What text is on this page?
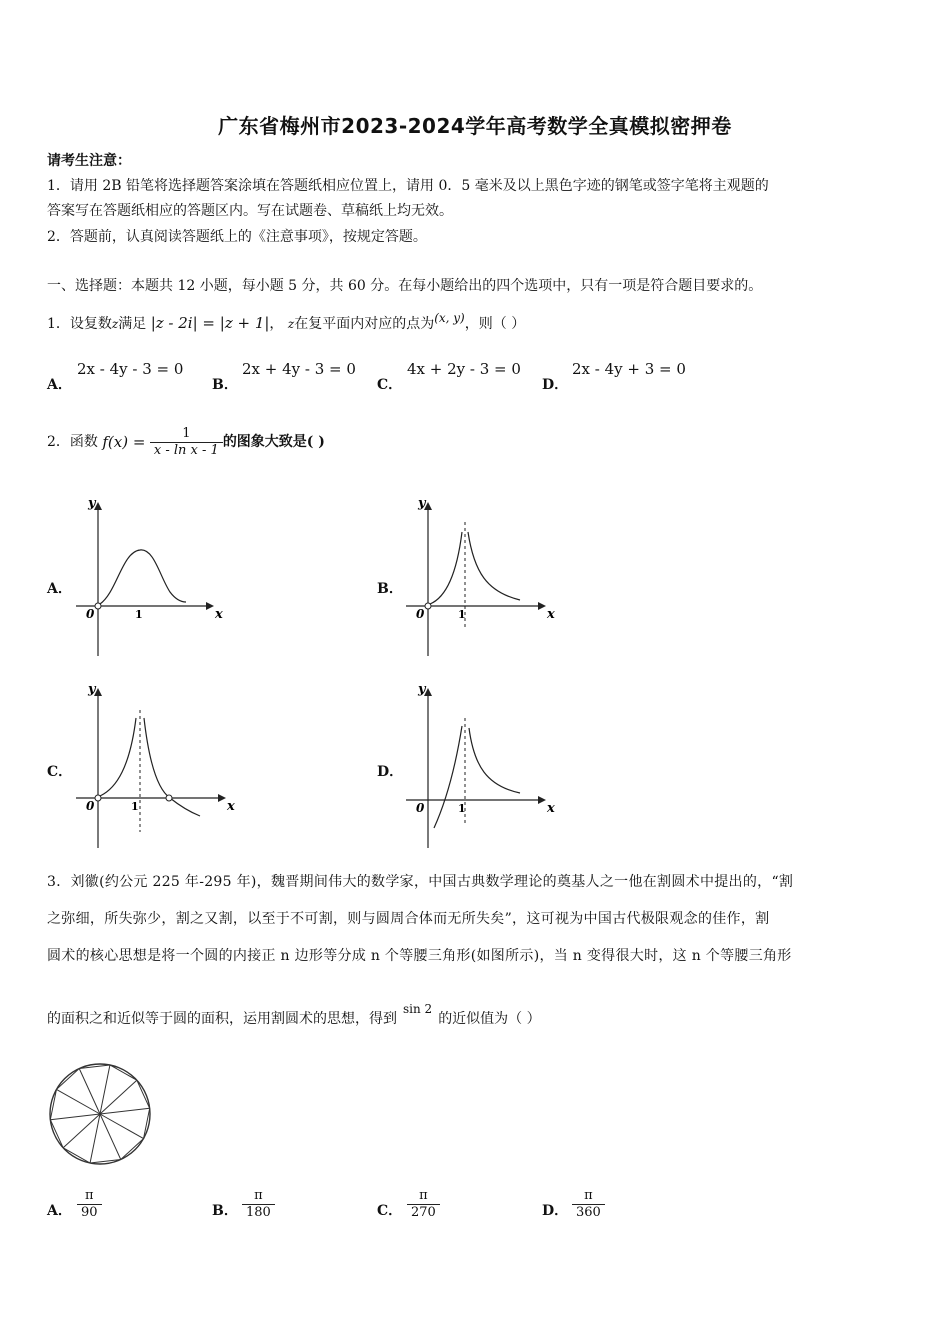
广东省梅州市2023-2024学年高考数学全真模拟密押卷
请考生注意：
1．请用 2B 铅笔将选择题答案涂填在答题纸相应位置上，请用 0．5 毫米及以上黑色字迹的钢笔或签字笔将主观题的
答案写在答题纸相应的答题区内。写在试题卷、草稿纸上均无效。
2．答题前，认真阅读答题纸上的《注意事项》，按规定答题。
一、选择题：本题共 12 小题，每小题 5 分，共 60 分。在每小题给出的四个选项中，只有一项是符合题目要求的。
1．设复数z满足 |z - 2i| = |z + 1|， z在复平面内对应的点为(x, y)，则（ ）
A．
2x - 4y - 3 = 0
B．
2x + 4y - 3 = 0
C．
4x + 2y - 3 = 0
D．
2x - 4y + 3 = 0
2．函数 $f(x) = \frac{1}{\text{x - ln x - 1}}$ 的图象大致是( )
A．
y
x
0	1
B．
y
x
0	1
C．
y
x
0	1
D．
y
x
0	1
3．刘徽(约公元 225 年-295 年)，魏晋期间伟大的数学家，中国古典数学理论的奠基人之一他在割圆术中提出的，“割
之弥细，所失弥少，割之又割，以至于不可割，则与圆周合体而无所失矣”，这可视为中国古代极限观念的佳作，割
圆术的核心思想是将一个圆的内接正 n 边形等分成 n 个等腰三角形(如图所示)，当 n 变得很大时，这 n 个等腰三角形
的面积之和近似等于圆的面积，运用割圆术的思想，得到sin 2的近似值为（ ）
A． $\frac{\pi}{90}$	B． $\frac{\pi}{180}$	C． $\frac{\pi}{270}$	D． $\frac{\pi}{360}$
